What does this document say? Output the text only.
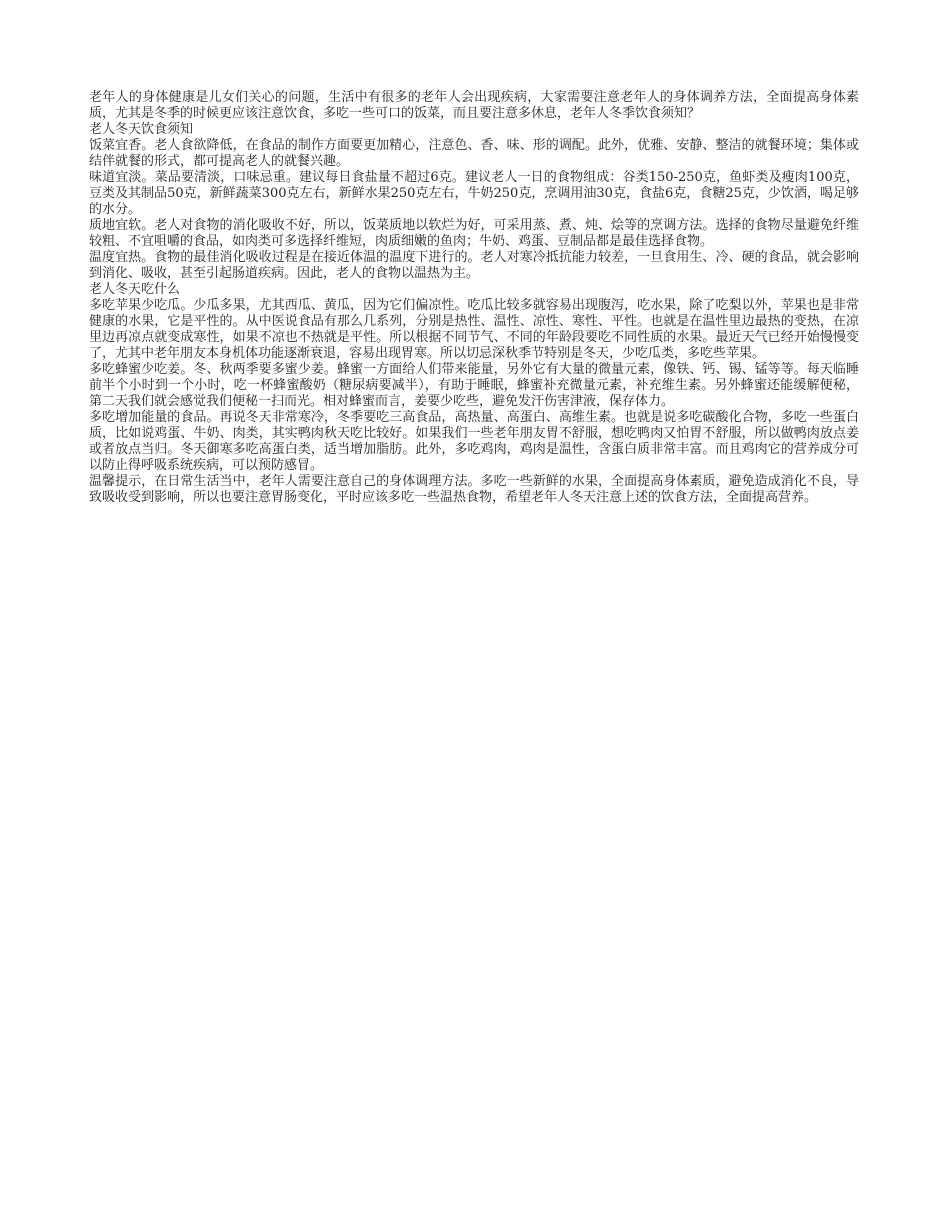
老年人的身体健康是儿女们关心的问题，生活中有很多的老年人会出现疾病，大家需要注意老年人的身体调养方法，全面提高身体素质，尤其是冬季的时候更应该注意饮食，多吃一些可口的饭菜，而且要注意多休息，老年人冬季饮食须知？

老人冬天饮食须知

饭菜宜香。老人食欲降低，在食品的制作方面要更加精心，注意色、香、味、形的调配。此外，优雅、安静、整洁的就餐环境；集体或结伴就餐的形式，都可提高老人的就餐兴趣。

味道宜淡。菜品要清淡，口味忌重。建议每日食盐量不超过6克。建议老人一日的食物组成：谷类150-250克，鱼虾类及瘦肉100克，豆类及其制品50克，新鲜蔬菜300克左右，新鲜水果250克左右，牛奶250克，烹调用油30克，食盐6克，食糖25克，少饮酒，喝足够的水分。

质地宜软。老人对食物的消化吸收不好，所以，饭菜质地以软烂为好，可采用蒸、煮、炖、烩等的烹调方法。选择的食物尽量避免纤维较粗、不宜咀嚼的食品，如肉类可多选择纤维短，肉质细嫩的鱼肉；牛奶、鸡蛋、豆制品都是最佳选择食物。

温度宜热。食物的最佳消化吸收过程是在接近体温的温度下进行的。老人对寒冷抵抗能力较差，一旦食用生、冷、硬的食品，就会影响到消化、吸收，甚至引起肠道疾病。因此，老人的食物以温热为主。

老人冬天吃什么

多吃苹果少吃瓜。少瓜多果，尤其西瓜、黄瓜，因为它们偏凉性。吃瓜比较多就容易出现腹泻，吃水果，除了吃梨以外，苹果也是非常健康的水果，它是平性的。从中医说食品有那么几系列，分别是热性、温性、凉性、寒性、平性。也就是在温性里边最热的变热，在凉里边再凉点就变成寒性，如果不凉也不热就是平性。所以根据不同节气、不同的年龄段要吃不同性质的水果。最近天气已经开始慢慢变了，尤其中老年朋友本身机体功能逐渐衰退，容易出现胃寒。所以切忌深秋季节特别是冬天，少吃瓜类，多吃些苹果。

多吃蜂蜜少吃姜。冬、秋两季要多蜜少姜。蜂蜜一方面给人们带来能量，另外它有大量的微量元素，像铁、钙、锡、锰等等。每天临睡前半个小时到一个小时，吃一杯蜂蜜酸奶（糖尿病要减半），有助于睡眠，蜂蜜补充微量元素，补充维生素。另外蜂蜜还能缓解便秘，第二天我们就会感觉我们便秘一扫而光。相对蜂蜜而言，姜要少吃些，避免发汗伤害津液，保存体力。

多吃增加能量的食品。再说冬天非常寒冷，冬季要吃三高食品，高热量、高蛋白、高维生素。也就是说多吃碳酸化合物，多吃一些蛋白质，比如说鸡蛋、牛奶、肉类，其实鸭肉秋天吃比较好。如果我们一些老年朋友胃不舒服，想吃鸭肉又怕胃不舒服，所以做鸭肉放点姜或者放点当归。冬天御寒多吃高蛋白类，适当增加脂肪。此外，多吃鸡肉，鸡肉是温性，含蛋白质非常丰富。而且鸡肉它的营养成分可以防止得呼吸系统疾病，可以预防感冒。

温馨提示，在日常生活当中，老年人需要注意自己的身体调理方法。多吃一些新鲜的水果，全面提高身体素质，避免造成消化不良，导致吸收受到影响，所以也要注意胃肠变化，平时应该多吃一些温热食物，希望老年人冬天注意上述的饮食方法，全面提高营养。
